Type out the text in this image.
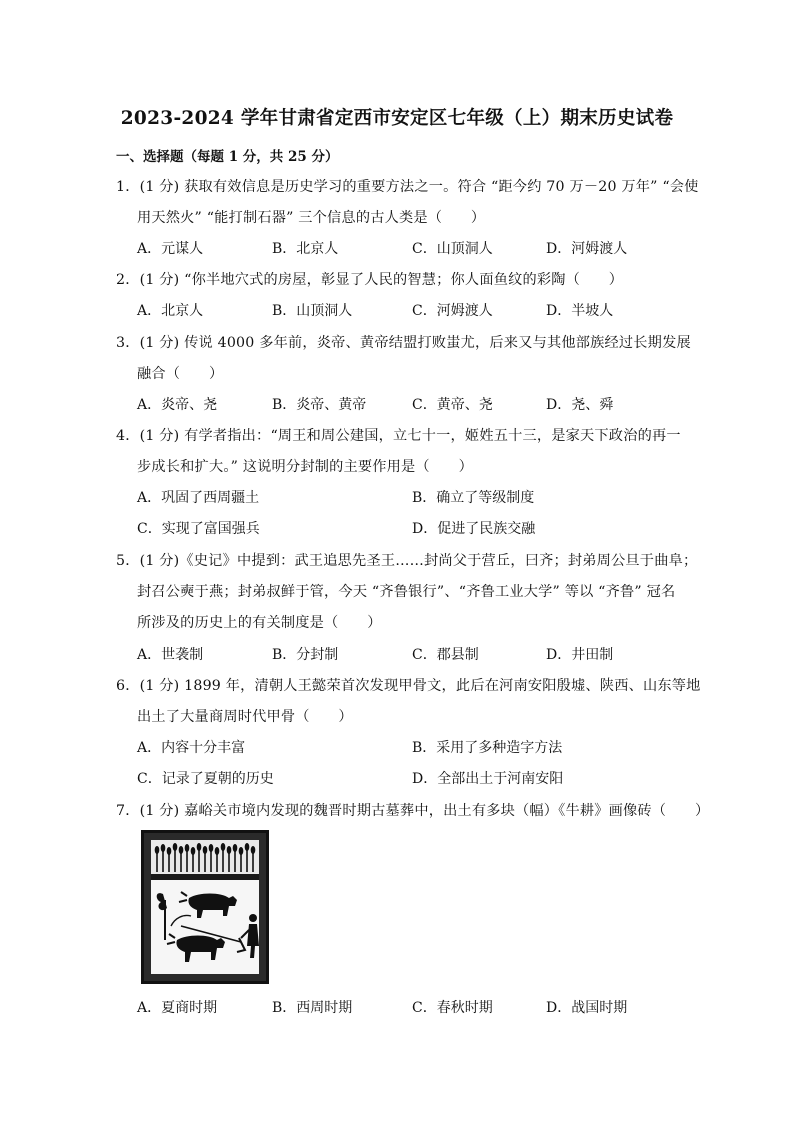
2023-2024 学年甘肃省定西市安定区七年级（上）期末历史试卷
一、选择题（每题 1 分，共 25 分）
1．(1 分) 获取有效信息是历史学习的重要方法之一。符合 “距今约 70 万－20 万年” “会使
用天然火” “能打制石器” 三个信息的古人类是（　　）
A．元谋人	B．北京人	C．山顶洞人	D．河姆渡人
2．(1 分) “你半地穴式的房屋，彰显了人民的智慧；你人面鱼纹的彩陶（　　）
A．北京人	B．山顶洞人	C．河姆渡人	D．半坡人
3．(1 分) 传说 4000 多年前，炎帝、黄帝结盟打败蚩尤，后来又与其他部族经过长期发展
融合（　　）
A．炎帝、尧	B．炎帝、黄帝	C．黄帝、尧	D．尧、舜
4．(1 分) 有学者指出：“周王和周公建国，立七十一，姬姓五十三，是家天下政治的再一
步成长和扩大。” 这说明分封制的主要作用是（　　）
A．巩固了西周疆土	B．确立了等级制度
C．实现了富国强兵	D．促进了民族交融
5．(1 分)《史记》中提到：武王追思先圣王……封尚父于营丘，曰齐；封弟周公旦于曲阜；
封召公奭于燕；封弟叔鲜于管，今天 “齐鲁银行”、“齐鲁工业大学” 等以 “齐鲁” 冠名
所涉及的历史上的有关制度是（　　）
A．世袭制	B．分封制	C．郡县制	D．井田制
6．(1 分) 1899 年，清朝人王懿荣首次发现甲骨文，此后在河南安阳殷墟、陕西、山东等地
出土了大量商周时代甲骨（　　）
A．内容十分丰富	B．采用了多种造字方法
C．记录了夏朝的历史	D．全部出土于河南安阳
7．(1 分) 嘉峪关市境内发现的魏晋时期古墓葬中，出土有多块（幅）《牛耕》画像砖（　　）
A．夏商时期	B．西周时期	C．春秋时期	D．战国时期
